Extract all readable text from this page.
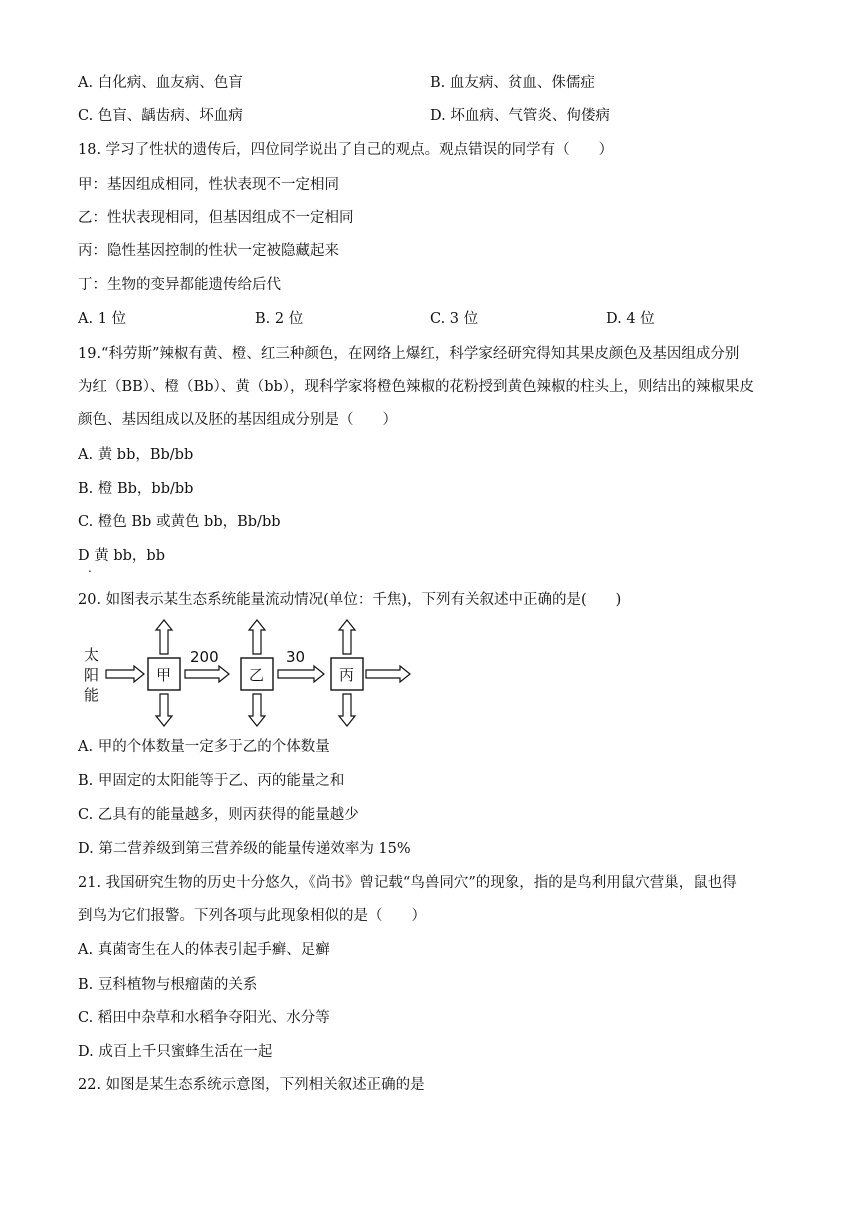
A. 白化病、血友病、色盲	B. 血友病、贫血、侏儒症
C. 色盲、龋齿病、坏血病	D. 坏血病、气管炎、佝偻病
18. 学习了性状的遗传后，四位同学说出了自己的观点。观点错误的同学有（　　）
甲：基因组成相同，性状表现不一定相同
乙：性状表现相同，但基因组成不一定相同
丙：隐性基因控制的性状一定被隐藏起来
丁：生物的变异都能遗传给后代
A. 1 位	B. 2 位	C. 3 位	D. 4 位
19.“科劳斯”辣椒有黄、橙、红三种颜色，在网络上爆红，科学家经研究得知其果皮颜色及基因组成分别
为红（BB）、橙（Bb）、黄（bb），现科学家将橙色辣椒的花粉授到黄色辣椒的柱头上，则结出的辣椒果皮
颜色、基因组成以及胚的基因组成分别是（　　）
A. 黄 bb，Bb/bb
B. 橙 Bb，bb/bb
C. 橙色 Bb 或黄色 bb，Bb/bb
D 黄 bb，bb
.
20. 如图表示某生态系统能量流动情况(单位：千焦)，下列有关叙述中正确的是(　　)
太
阳
能
200	30
甲	乙	丙
A. 甲的个体数量一定多于乙的个体数量
B. 甲固定的太阳能等于乙、丙的能量之和
C. 乙具有的能量越多，则丙获得的能量越少
D. 第二营养级到第三营养级的能量传递效率为 15%
21. 我国研究生物的历史十分悠久，《尚书》曾记载“鸟兽同穴”的现象，指的是鸟利用鼠穴营巢，鼠也得
到鸟为它们报警。下列各项与此现象相似的是（　　）
A. 真菌寄生在人的体表引起手癣、足癣
B. 豆科植物与根瘤菌的关系
C. 稻田中杂草和水稻争夺阳光、水分等
D. 成百上千只蜜蜂生活在一起
22. 如图是某生态系统示意图，下列相关叙述正确的是
